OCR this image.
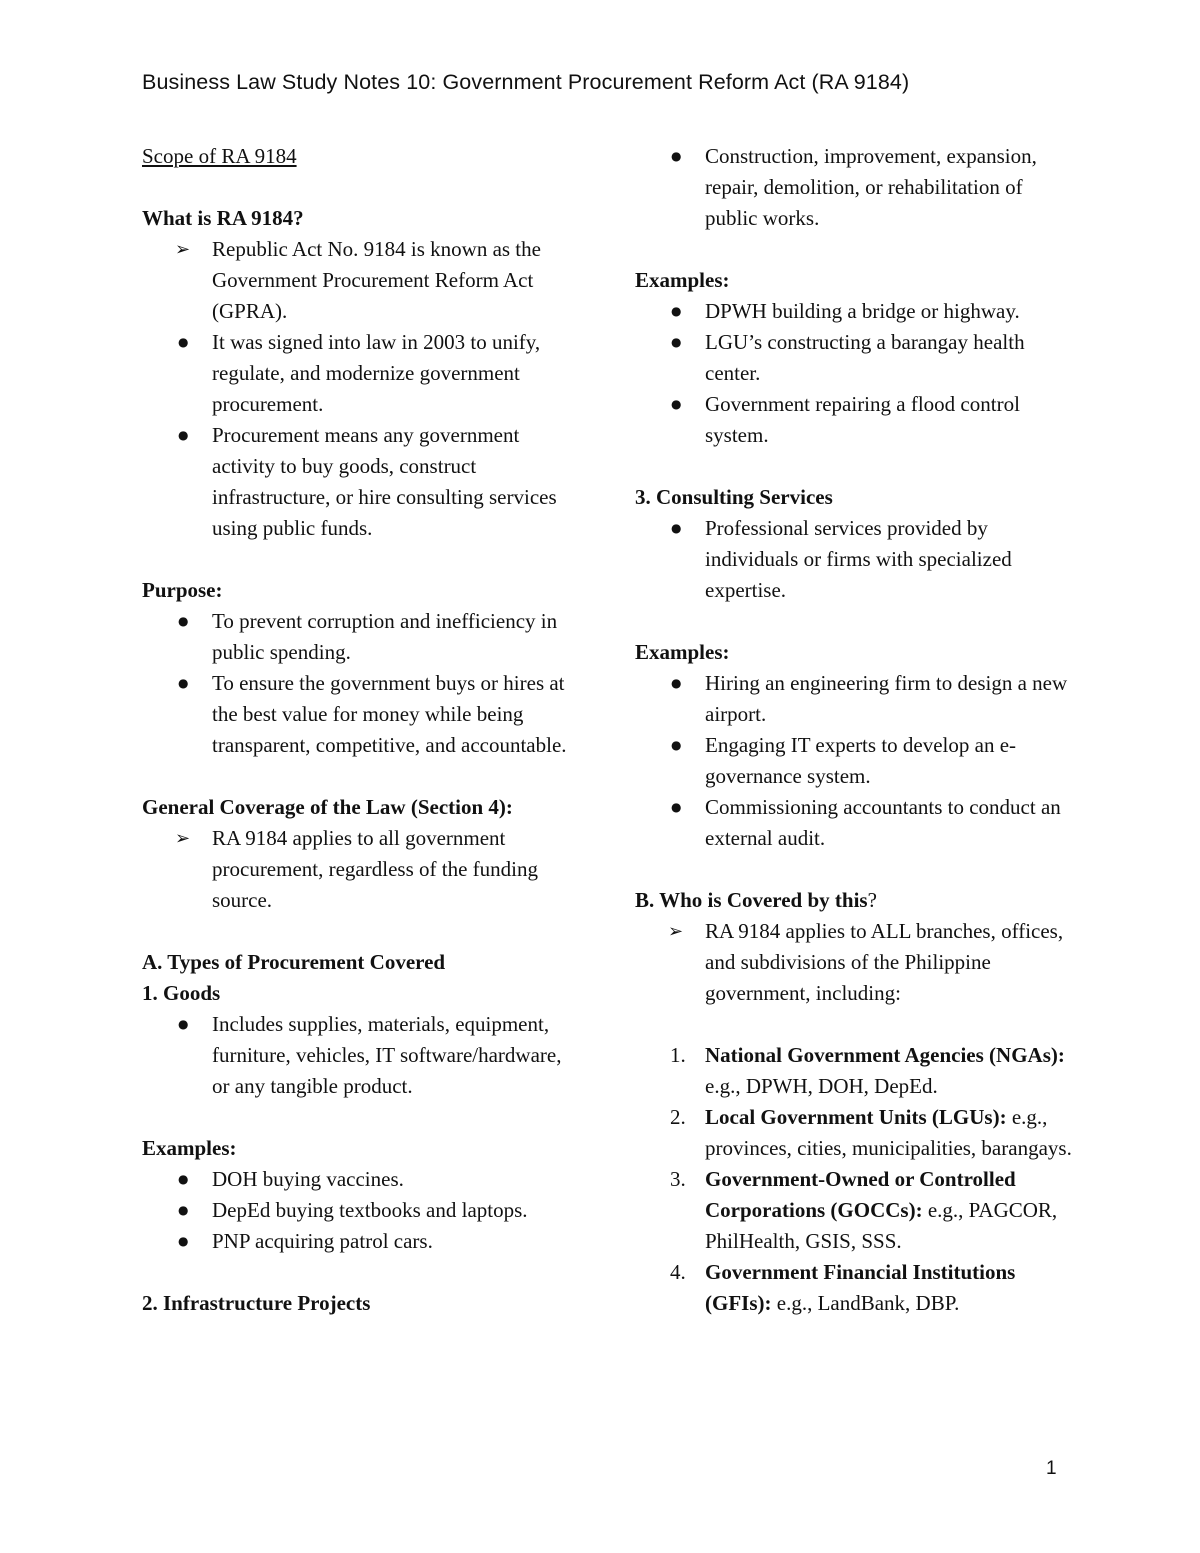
Business Law Study Notes 10: Government Procurement Reform Act (RA 9184)

Scope of RA 9184

What is RA 9184?

➢	Republic Act No. 9184 is known as the Government Procurement Reform Act (GPRA).
●	It was signed into law in 2003 to unify, regulate, and modernize government procurement.
●	Procurement means any government activity to buy goods, construct infrastructure, or hire consulting services using public funds.

Purpose:

●	To prevent corruption and inefficiency in public spending.
●	To ensure the government buys or hires at the best value for money while being transparent, competitive, and accountable.

General Coverage of the Law (Section 4):

➢	RA 9184 applies to all government procurement, regardless of the funding source.

A. Types of Procurement Covered

1. Goods

●	Includes supplies, materials, equipment, furniture, vehicles, IT software/hardware, or any tangible product.

Examples:

●	DOH buying vaccines.
●	DepEd buying textbooks and laptops.
●	PNP acquiring patrol cars.

2. Infrastructure Projects

●	Construction, improvement, expansion, repair, demolition, or rehabilitation of public works.

Examples:

●	DPWH building a bridge or highway.
●	LGU’s constructing a barangay health center.
●	Government repairing a flood control system.

3. Consulting Services

●	Professional services provided by individuals or firms with specialized expertise.

Examples:

●	Hiring an engineering firm to design a new airport.
●	Engaging IT experts to develop an e-governance system.
●	Commissioning accountants to conduct an external audit.

B. Who is Covered by this?

➢	RA 9184 applies to ALL branches, offices, and subdivisions of the Philippine government, including:
1. National Government Agencies (NGAs): e.g., DPWH, DOH, DepEd.
2. Local Government Units (LGUs): e.g., provinces, cities, municipalities, barangays.
3. Government-Owned or Controlled Corporations (GOCCs): e.g., PAGCOR, PhilHealth, GSIS, SSS.
4. Government Financial Institutions (GFIs): e.g., LandBank, DBP.
1
